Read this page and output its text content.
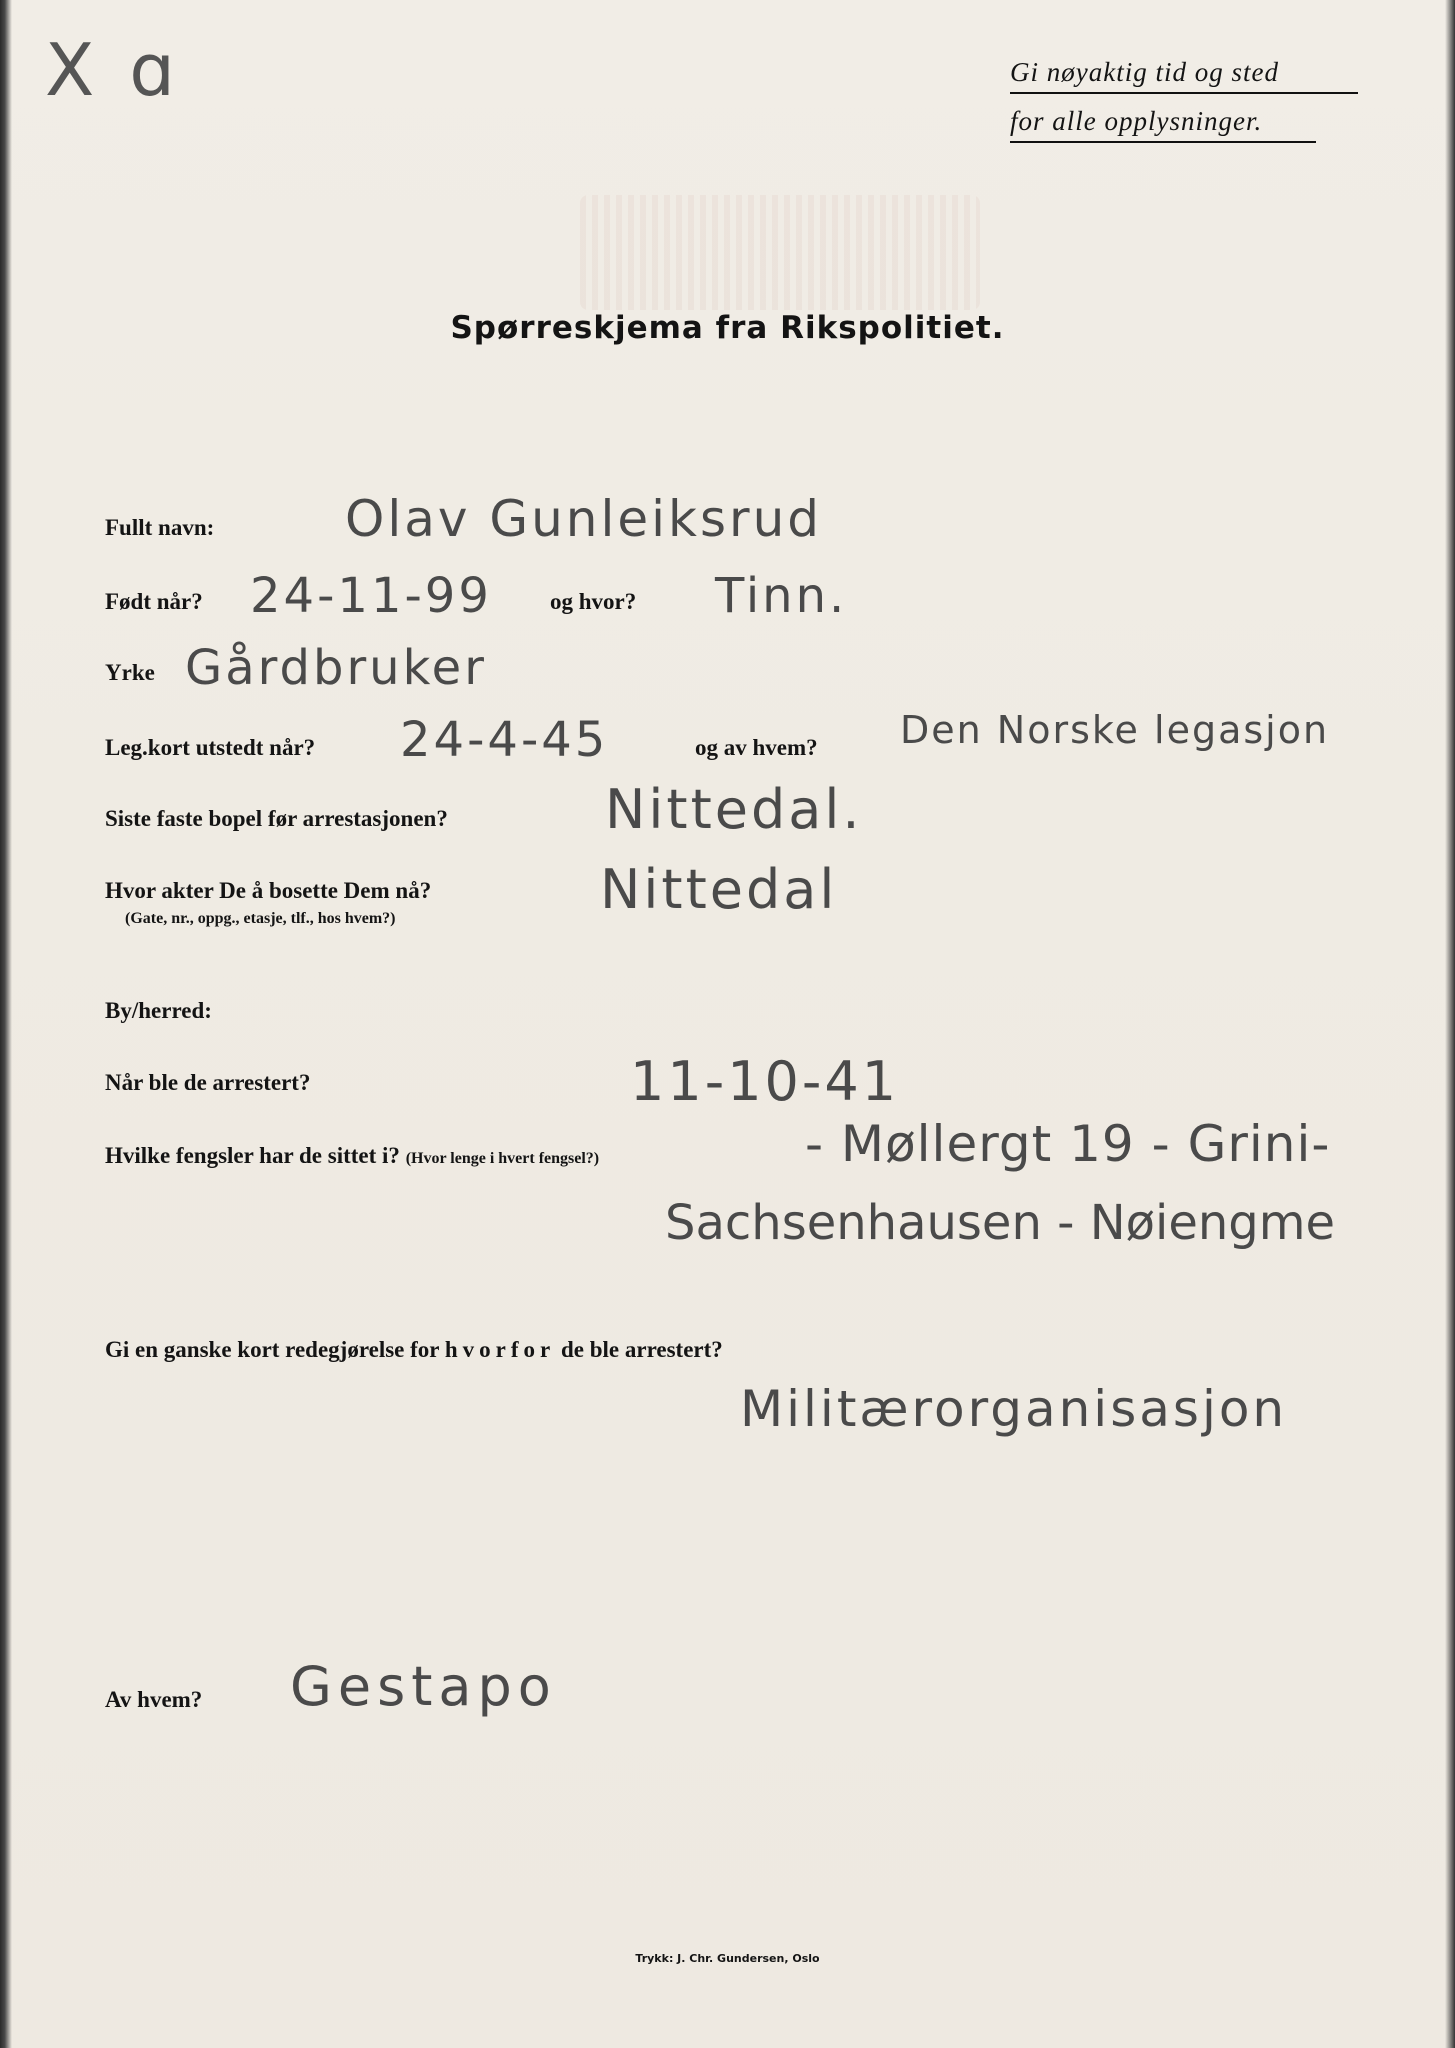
X ɑ	Gi nøyaktig tid og sted
for alle opplysninger.
Spørreskjema fra Rikspolitiet.
Fullt navn:	Olav Gunleiksrud
Født når? 24-11-99	og hvor? Tinn.
Yrke Gårdbruker
Leg.kort utstedt når? 24-4-45	og av hvem? Den Norske legasjon
Siste faste bopel før arrestasjonen?	Nittedal.
Hvor akter De å bosette Dem nå?
(Gate, nr., oppg., etasje, tlf., hos hvem?)	Nittedal
By/herred:
Når ble de arrestert?	11-10-41
Hvilke fengsler har de sittet i? (Hvor lenge i hvert fengsel?)	- Møllergt 19 - Grini-
Sachsenhausen - Nøiengme
Gi en ganske kort redegjørelse for hvorfor de ble arrestert?
Militærorganisasjon
Av hvem? Gestapo
Trykk: J. Chr. Gundersen, Oslo
